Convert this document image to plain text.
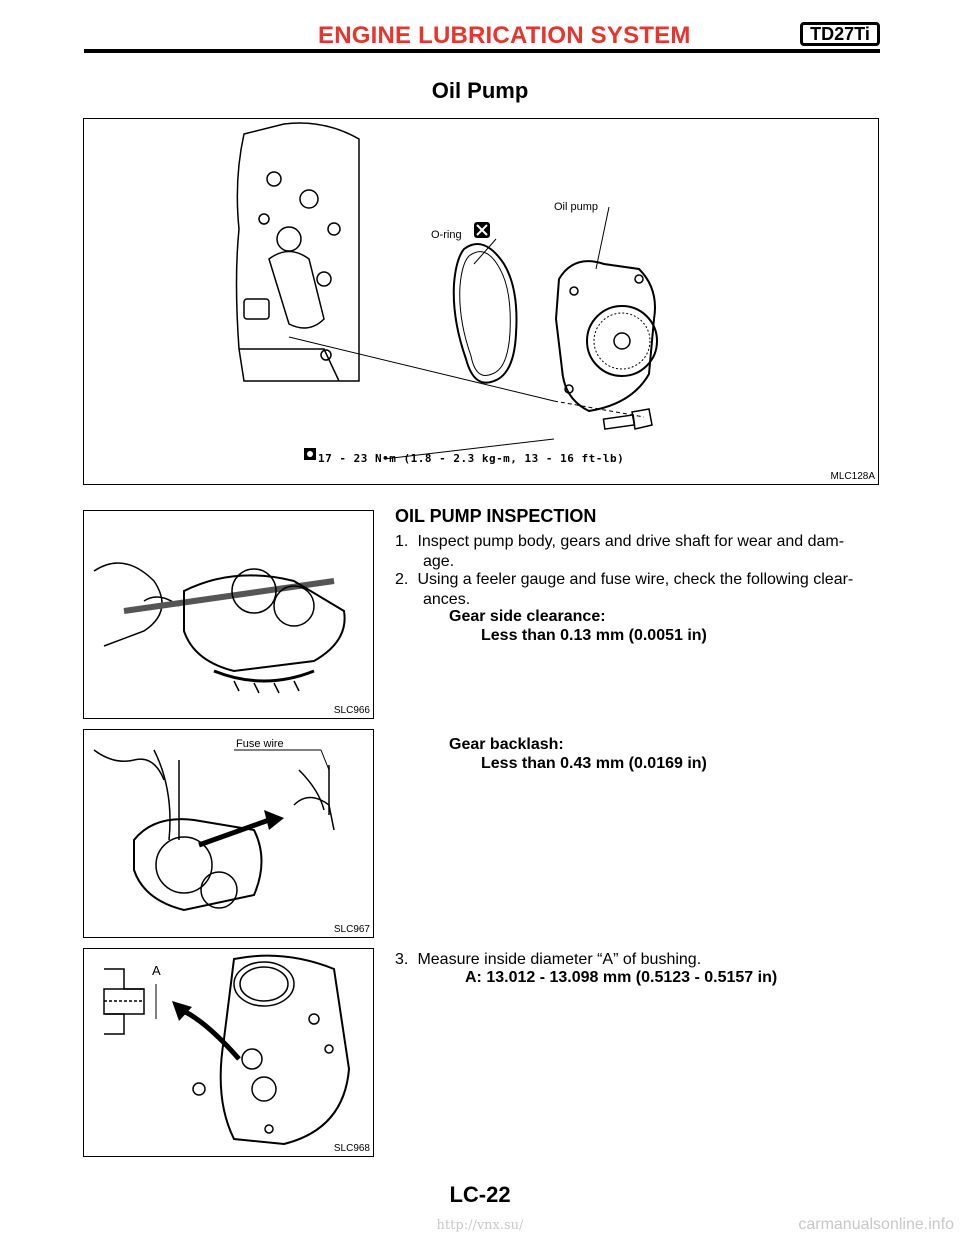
ENGINE LUBRICATION SYSTEM	TD27Ti
Oil Pump
Oil pump
O-ring
MLC128A
17 - 23 N•m (1.8 - 2.3 kg-m, 13 - 16 ft-lb)
SLC966
Fuse wire
SLC967
A
SLC968
OIL PUMP INSPECTION
1. Inspect pump body, gears and drive shaft for wear and dam-
age.
2. Using a feeler gauge and fuse wire, check the following clear-
ances.
Gear side clearance:
Less than 0.13 mm (0.0051 in)
Gear backlash:
Less than 0.43 mm (0.0169 in)
3. Measure inside diameter “A” of bushing.
A: 13.012 - 13.098 mm (0.5123 - 0.5157 in)
LC-22
http://vnx.su/	carmanualsonline.info
